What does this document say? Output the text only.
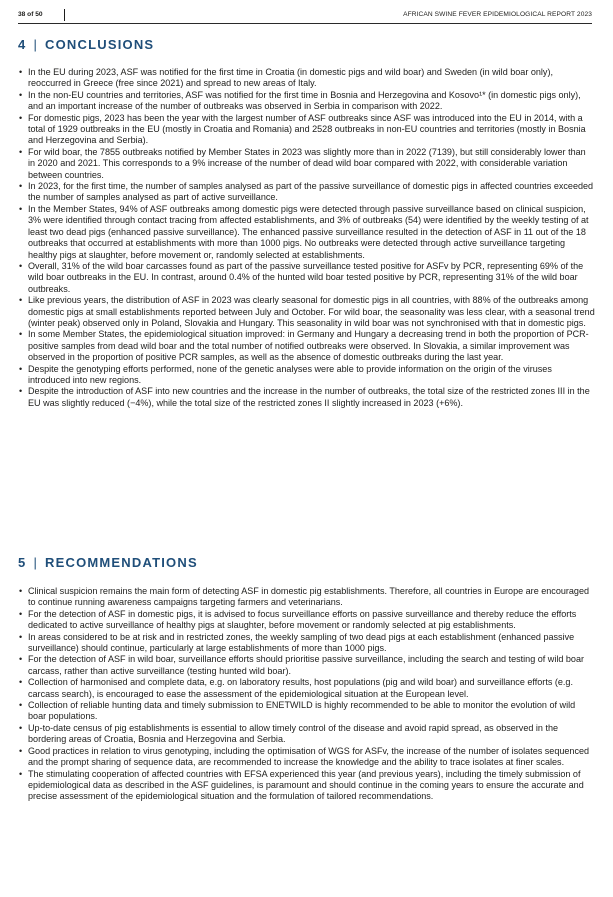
38 of 50	AFRICAN SWINE FEVER EPIDEMIOLOGICAL REPORT 2023
4 | CONCLUSIONS
• In the EU during 2023, ASF was notified for the first time in Croatia (in domestic pigs and wild boar) and Sweden (in wild boar only), reoccurred in Greece (free since 2021) and spread to new areas of Italy.
• In the non-EU countries and territories, ASF was notified for the first time in Bosnia and Herzegovina and Kosovo¹* (in domestic pigs only), and an important increase of the number of outbreaks was observed in Serbia in comparison with 2022.
• For domestic pigs, 2023 has been the year with the largest number of ASF outbreaks since ASF was introduced into the EU in 2014, with a total of 1929 outbreaks in the EU (mostly in Croatia and Romania) and 2528 outbreaks in non-EU countries and territories (mostly in Bosnia and Herzegovina and Serbia).
• For wild boar, the 7855 outbreaks notified by Member States in 2023 was slightly more than in 2022 (7139), but still considerably lower than in 2020 and 2021. This corresponds to a 9% increase of the number of dead wild boar compared with 2022, with considerable variation between countries.
• In 2023, for the first time, the number of samples analysed as part of the passive surveillance of domestic pigs in affected countries exceeded the number of samples analysed as part of active surveillance.
• In the Member States, 94% of ASF outbreaks among domestic pigs were detected through passive surveillance based on clinical suspicion, 3% were identified through contact tracing from affected establishments, and 3% of outbreaks (54) were identified by the weekly testing of at least two dead pigs (enhanced passive surveillance). The enhanced passive surveillance resulted in the detection of ASF in 11 out of the 18 outbreaks that occurred at establishments with more than 1000 pigs. No outbreaks were detected through active surveillance targeting healthy pigs at slaughter, before movement or, randomly selected at establishments.
• Overall, 31% of the wild boar carcasses found as part of the passive surveillance tested positive for ASFv by PCR, representing 69% of the wild boar outbreaks in the EU. In contrast, around 0.4% of the hunted wild boar tested positive by PCR, representing 31% of the wild boar outbreaks.
• Like previous years, the distribution of ASF in 2023 was clearly seasonal for domestic pigs in all countries, with 88% of the outbreaks among domestic pigs at small establishments reported between July and October. For wild boar, the seasonality was less clear, with a seasonal trend (winter peak) observed only in Poland, Slovakia and Hungary. This seasonality in wild boar was not synchronised with that in domestic pigs.
• In some Member States, the epidemiological situation improved: in Germany and Hungary a decreasing trend in both the proportion of PCR-positive samples from dead wild boar and the total number of notified outbreaks were observed. In Slovakia, a similar improvement was observed in the proportion of positive PCR samples, as well as the absence of domestic outbreaks during the last year.
• Despite the genotyping efforts performed, none of the genetic analyses were able to provide information on the origin of the viruses introduced into new regions.
• Despite the introduction of ASF into new countries and the increase in the number of outbreaks, the total size of the restricted zones III in the EU was slightly reduced (−4%), while the total size of the restricted zones II slightly increased in 2023 (+6%).
5 | RECOMMENDATIONS
• Clinical suspicion remains the main form of detecting ASF in domestic pig establishments. Therefore, all countries in Europe are encouraged to continue running awareness campaigns targeting farmers and veterinarians.
• For the detection of ASF in domestic pigs, it is advised to focus surveillance efforts on passive surveillance and thereby reduce the efforts dedicated to active surveillance of healthy pigs at slaughter, before movement or randomly selected at pig establishments.
• In areas considered to be at risk and in restricted zones, the weekly sampling of two dead pigs at each establishment (enhanced passive surveillance) should continue, particularly at large establishments of more than 1000 pigs.
• For the detection of ASF in wild boar, surveillance efforts should prioritise passive surveillance, including the search and testing of wild boar carcass, rather than active surveillance (testing hunted wild boar).
• Collection of harmonised and complete data, e.g. on laboratory results, host populations (pig and wild boar) and surveillance efforts (e.g. carcass search), is encouraged to ease the assessment of the epidemiological situation at the European level.
• Collection of reliable hunting data and timely submission to ENETWILD is highly recommended to be able to monitor the evolution of wild boar populations.
• Up-to-date census of pig establishments is essential to allow timely control of the disease and avoid rapid spread, as observed in the bordering areas of Croatia, Bosnia and Herzegovina and Serbia.
• Good practices in relation to virus genotyping, including the optimisation of WGS for ASFv, the increase of the number of isolates sequenced and the prompt sharing of sequence data, are recommended to increase the knowledge and the ability to trace isolates at finer scales.
• The stimulating cooperation of affected countries with EFSA experienced this year (and previous years), including the timely submission of epidemiological data as described in the ASF guidelines, is paramount and should continue in the coming years to ensure the accurate and precise assessment of the epidemiological situation and the formulation of tailored recommendations.
